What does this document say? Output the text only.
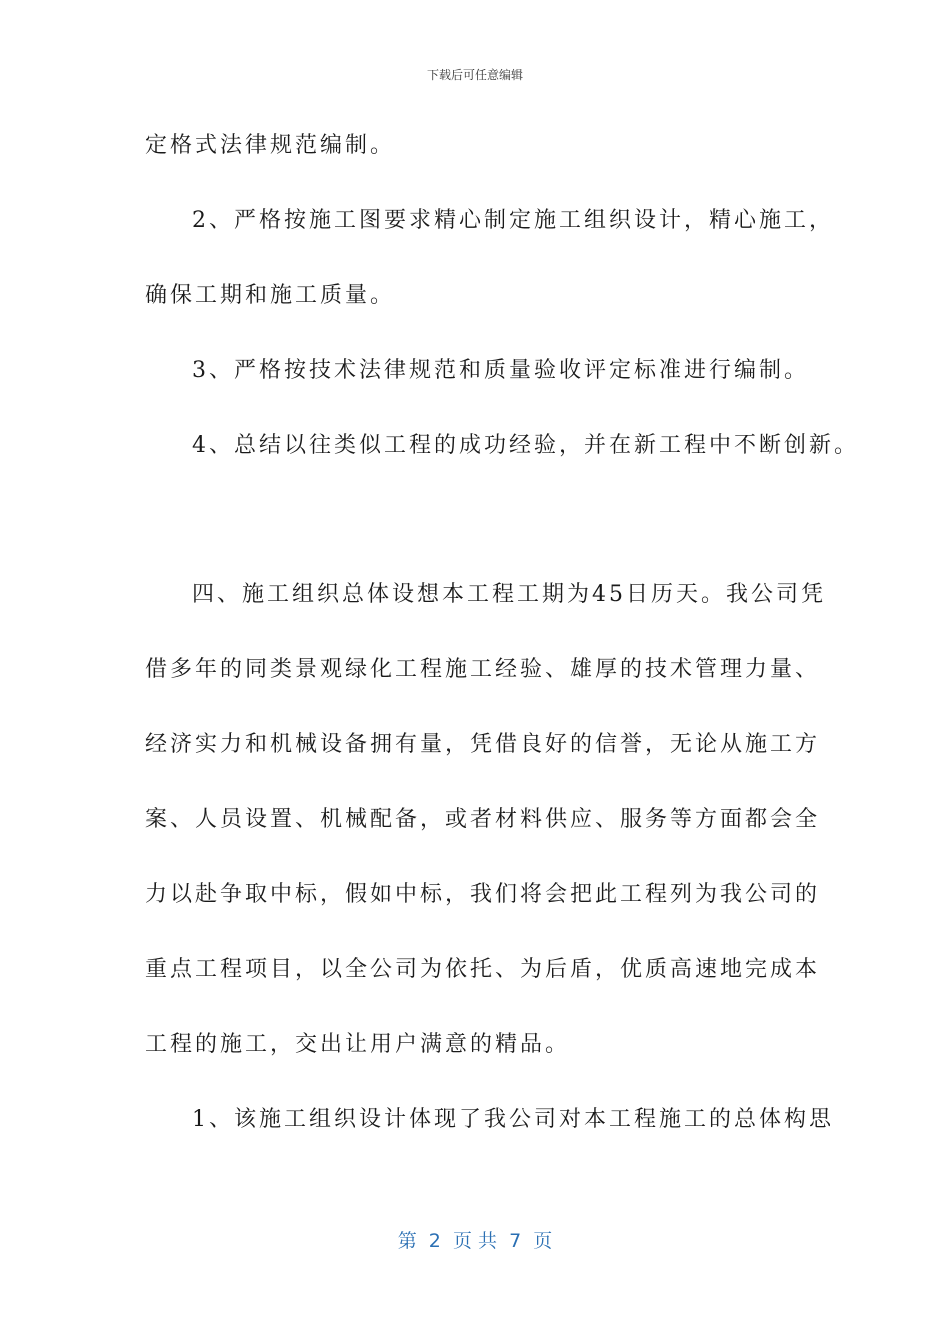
下载后可任意编辑
定格式法律规范编制。
2、严格按施工图要求精心制定施工组织设计，精心施工，
确保工期和施工质量。
3、严格按技术法律规范和质量验收评定标准进行编制。
4、总结以往类似工程的成功经验，并在新工程中不断创新。
四、施工组织总体设想本工程工期为45日历天。我公司凭
借多年的同类景观绿化工程施工经验、雄厚的技术管理力量、
经济实力和机械设备拥有量，凭借良好的信誉，无论从施工方
案、人员设置、机械配备，或者材料供应、服务等方面都会全
力以赴争取中标，假如中标，我们将会把此工程列为我公司的
重点工程项目，以全公司为依托、为后盾，优质高速地完成本
工程的施工，交出让用户满意的精品。
1、该施工组织设计体现了我公司对本工程施工的总体构思
第  2  页 共  7  页
